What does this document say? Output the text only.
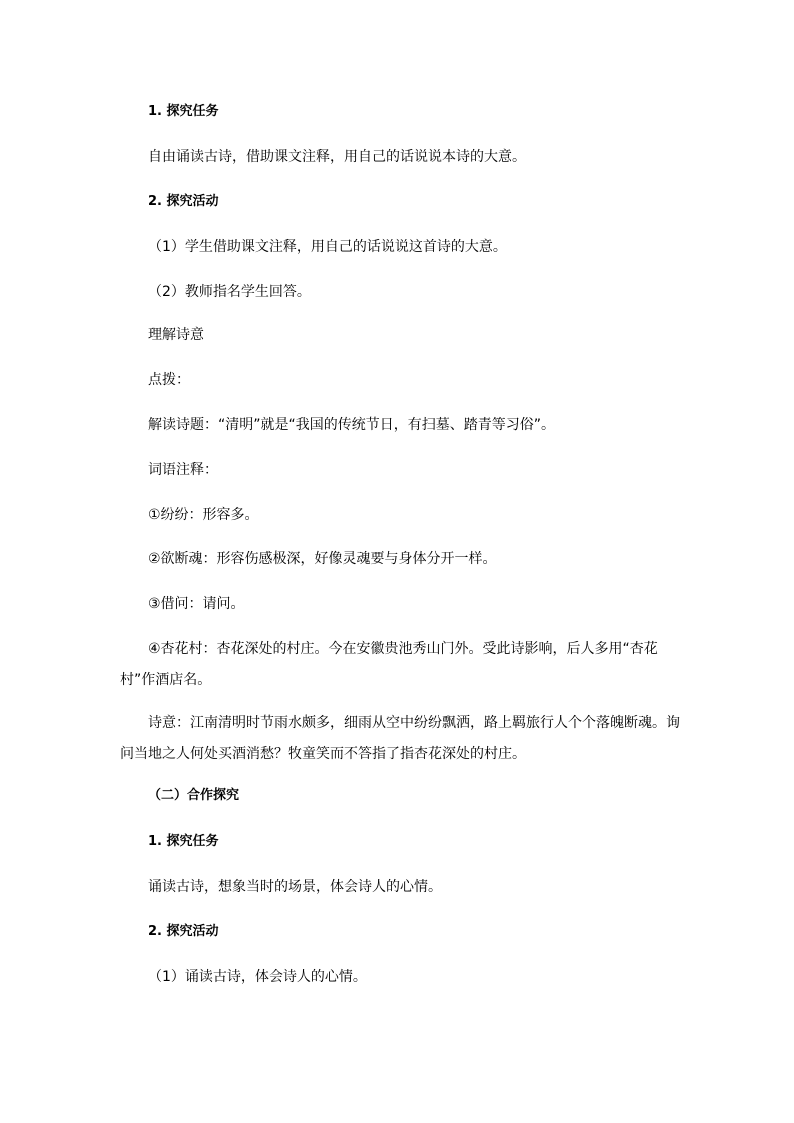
1. 探究任务
自由诵读古诗，借助课文注释，用自己的话说说本诗的大意。
2. 探究活动
（1）学生借助课文注释，用自己的话说说这首诗的大意。
（2）教师指名学生回答。
理解诗意
点拨：
解读诗题：“清明”就是“我国的传统节日，有扫墓、踏青等习俗”。
词语注释：
①纷纷：形容多。
②欲断魂：形容伤感极深，好像灵魂要与身体分开一样。
③借问：请问。
④杏花村：杏花深处的村庄。今在安徽贵池秀山门外。受此诗影响，后人多用“杏花村”作酒店名。
诗意：江南清明时节雨水颇多，细雨从空中纷纷飘洒，路上羁旅行人个个落魄断魂。询问当地之人何处买酒消愁？牧童笑而不答指了指杏花深处的村庄。
（二）合作探究
1. 探究任务
诵读古诗，想象当时的场景，体会诗人的心情。
2. 探究活动
（1）诵读古诗，体会诗人的心情。
